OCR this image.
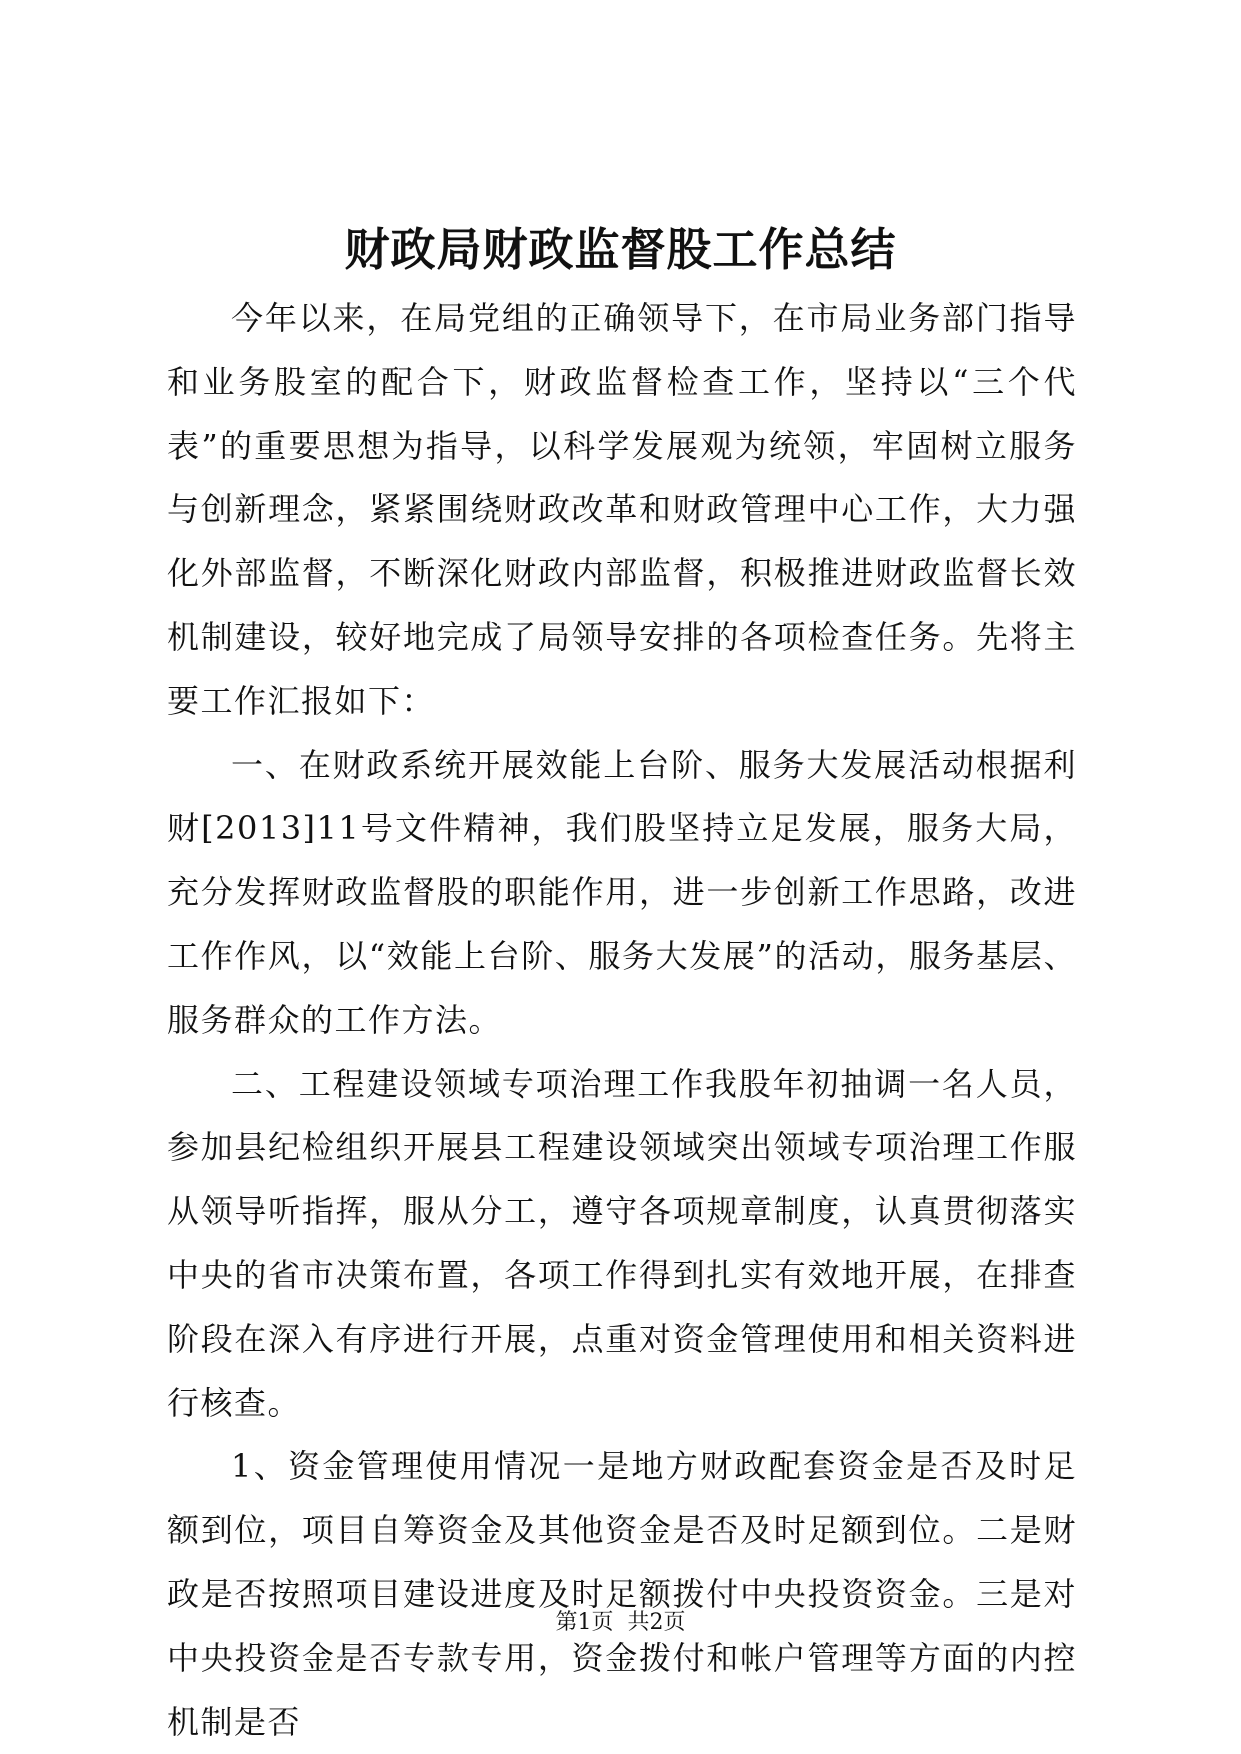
财政局财政监督股工作总结

今年以来，在局党组的正确领导下，在市局业务部门指导和业务股室的配合下，财政监督检查工作，坚持以“三个代表”的重要思想为指导，以科学发展观为统领，牢固树立服务与创新理念，紧紧围绕财政改革和财政管理中心工作，大力强化外部监督，不断深化财政内部监督，积极推进财政监督长效机制建设，较好地完成了局领导安排的各项检查任务。先将主要工作汇报如下：

一、在财政系统开展效能上台阶、服务大发展活动根据利财[2013]11号文件精神，我们股坚持立足发展，服务大局，充分发挥财政监督股的职能作用，进一步创新工作思路，改进工作作风，以“效能上台阶、服务大发展”的活动，服务基层、服务群众的工作方法。

二、工程建设领域专项治理工作我股年初抽调一名人员，参加县纪检组织开展县工程建设领域突出领域专项治理工作服从领导听指挥，服从分工，遵守各项规章制度，认真贯彻落实中央的省市决策布置，各项工作得到扎实有效地开展，在排查阶段在深入有序进行开展，点重对资金管理使用和相关资料进行核查。

1、资金管理使用情况一是地方财政配套资金是否及时足额到位，项目自筹资金及其他资金是否及时足额到位。二是财政是否按照项目建设进度及时足额拨付中央投资资金。三是对中央投资金是否专款专用，资金拨付和帐户管理等方面的内控机制是否

第1页  共2页
